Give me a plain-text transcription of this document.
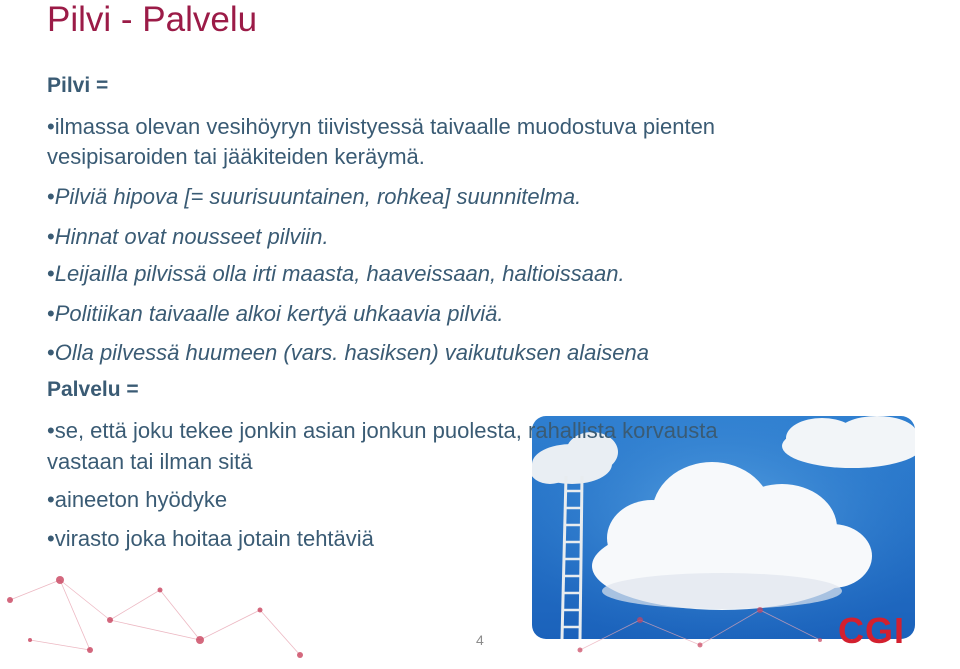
Pilvi - Palvelu
Pilvi =
•ilmassa olevan vesihöyryn tiivistyessä taivaalle muodostuva pienten
vesipisaroiden tai jääkiteiden keräymä.
•Pilviä hipova [= suurisuuntainen, rohkea] suunnitelma.
•Hinnat ovat nousseet pilviin.
•Leijailla pilvissä olla irti maasta, haaveissaan, haltioissaan.
•Politiikan taivaalle alkoi kertyä uhkaavia pilviä.
•Olla pilvessä huumeen (vars. hasiksen) vaikutuksen alaisena
Palvelu =
•se, että joku tekee jonkin asian jonkun puolesta, rahallista korvausta
vastaan tai ilman sitä
•aineeton hyödyke
•virasto joka hoitaa jotain tehtäviä
4	CGI
